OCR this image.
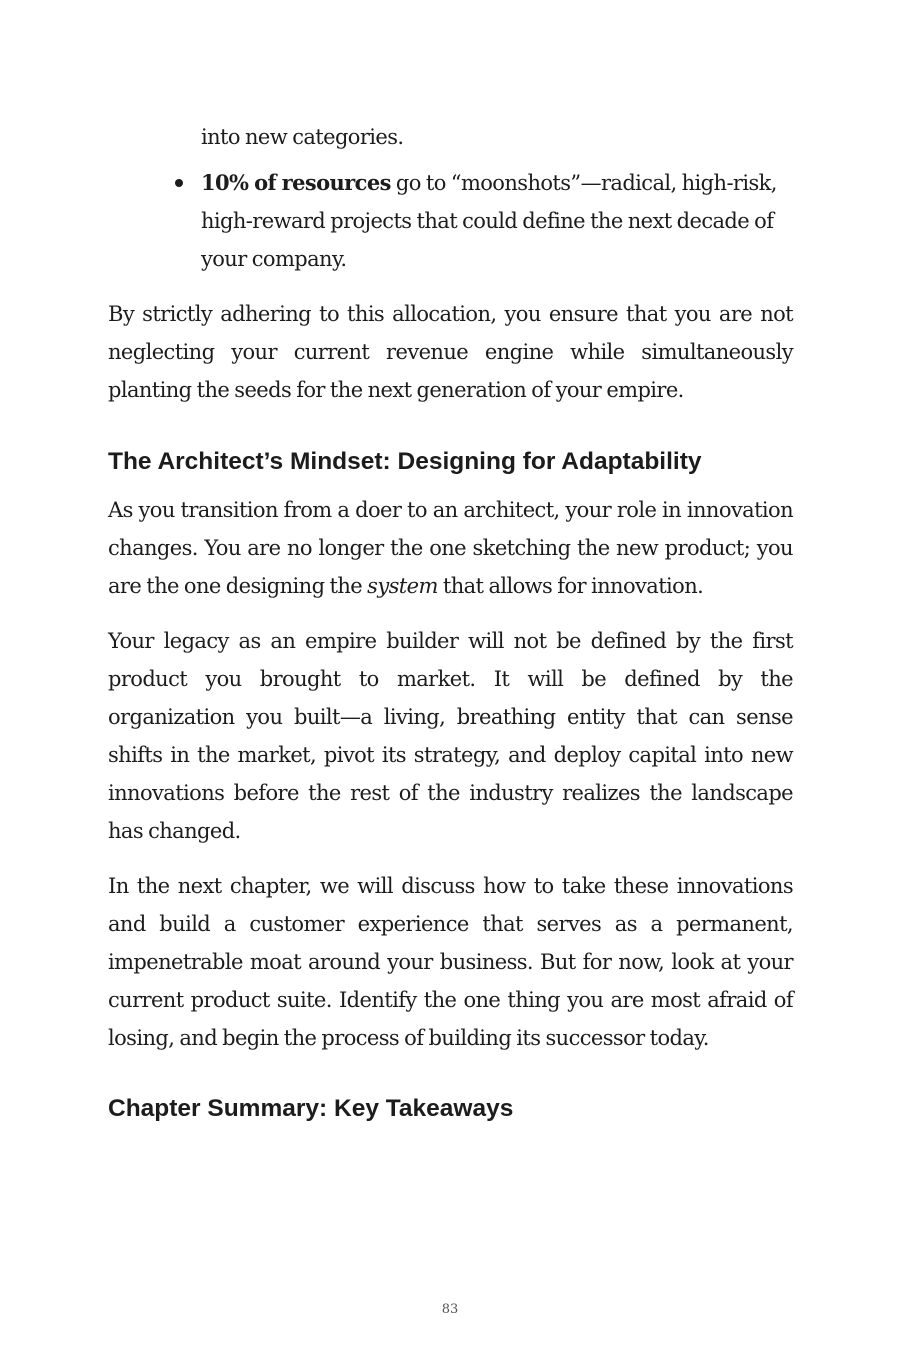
into new categories.
10% of resources go to “moonshots”—radical, high-risk, high-reward projects that could define the next decade of your company.

By strictly adhering to this allocation, you ensure that you are not neglecting your current revenue engine while simultaneously planting the seeds for the next generation of your empire.

The Architect’s Mindset: Designing for Adaptability

As you transition from a doer to an architect, your role in innovation changes. You are no longer the one sketching the new product; you are the one designing the system that allows for innovation.

Your legacy as an empire builder will not be defined by the first product you brought to market. It will be defined by the organization you built—a living, breathing entity that can sense shifts in the market, pivot its strategy, and deploy capital into new innovations before the rest of the industry realizes the landscape has changed.

In the next chapter, we will discuss how to take these innovations and build a customer experience that serves as a permanent, impenetrable moat around your business. But for now, look at your current product suite. Identify the one thing you are most afraid of losing, and begin the process of building its successor today.

Chapter Summary: Key Takeaways
83
